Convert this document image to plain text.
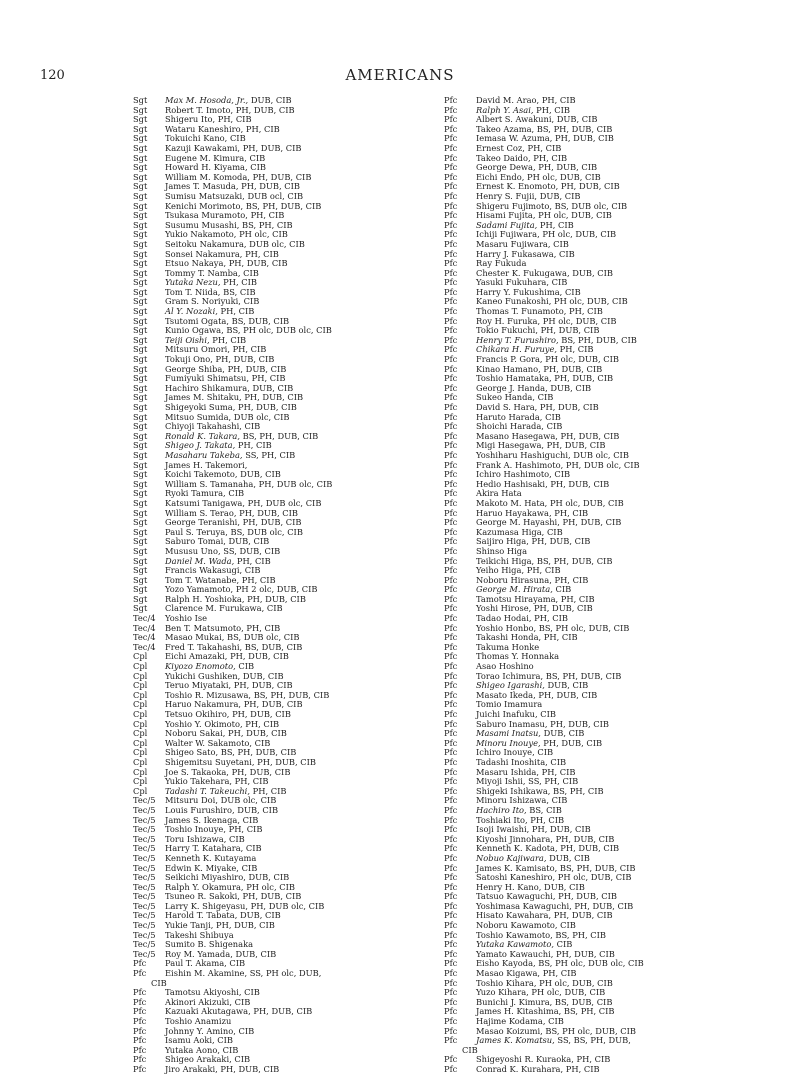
120	AMERICANS
Sgt Max M. Hosoda, Jr., DUB, CIB
Sgt Robert T. Imoto, PH, DUB, CIB
Sgt Shigeru Ito, PH, CIB
Sgt Wataru Kaneshiro, PH, CIB
Sgt Tokuichi Kano, CIB
Sgt Kazuji Kawakami, PH, DUB, CIB
Sgt Eugene M. Kimura, CIB
Sgt Howard H. Kiyama, CIB
Sgt William M. Komoda, PH, DUB, CIB
Sgt James T. Masuda, PH, DUB, CIB
Sgt Sumisu Matsuzaki, DUB ocl, CIB
Sgt Kenichi Morimoto, BS, PH, DUB, CIB
Sgt Tsukasa Muramoto, PH, CIB
Sgt Susumu Musashi, BS, PH, CIB
Sgt Yukio Nakamoto, PH olc, CIB
Sgt Seitoku Nakamura, DUB olc, CIB
Sgt Sonsei Nakamura, PH, CIB
Sgt Etsuo Nakaya, PH, DUB, CIB
Sgt Tommy T. Namba, CIB
Sgt Yutaka Nezu, PH, CIB
Sgt Tom T. Niida, BS, CIB
Sgt Gram S. Noriyuki, CIB
Sgt Al Y. Nozaki, PH, CIB
Sgt Tsutomi Ogata, BS, DUB, CIB
Sgt Kunio Ogawa, BS, PH olc, DUB olc, CIB
Sgt Teiji Oishi, PH, CIB
Sgt Mitsuru Omori, PH, CIB
Sgt Tokuji Ono, PH, DUB, CIB
Sgt George Shiba, PH, DUB, CIB
Sgt Fumiyuki Shimatsu, PH, CIB
Sgt Hachiro Shikamura, DUB, CIB
Sgt James M. Shitaku, PH, DUB, CIB
Sgt Shigeyoki Suma, PH, DUB, CIB
Sgt Mitsuo Sumida, DUB olc, CIB
Sgt Chiyoji Takahashi, CIB
Sgt Ronald K. Takara, BS, PH, DUB, CIB
Sgt Shigeo J. Takata, PH, CIB
Sgt Masaharu Takeba, SS, PH, CIB
Sgt James H. Takemori,
Sgt Koichi Takemoto, DUB, CIB
Sgt William S. Tamanaha, PH, DUB olc, CIB
Sgt Ryoki Tamura, CIB
Sgt Katsumi Tanigawa, PH, DUB olc, CIB
Sgt William S. Terao, PH, DUB, CIB
Sgt George Teranishi, PH, DUB, CIB
Sgt Paul S. Teruya, BS, DUB olc, CIB
Sgt Saburo Tomai, DUB, CIB
Sgt Mususu Uno, SS, DUB, CIB
Sgt Daniel M. Wada, PH, CIB
Sgt Francis Wakasugi, CIB
Sgt Tom T. Watanabe, PH, CIB
Sgt Yozo Yamamoto, PH 2 olc, DUB, CIB
Sgt Ralph H. Yoshioka, PH, DUB, CIB
Sgt Clarence M. Furukawa, CIB
Tec/4 Yoshio Ise
Tec/4 Ben T. Matsumoto, PH, CIB
Tec/4 Masao Mukai, BS, DUB olc, CIB
Tec/4 Fred T. Takahashi, BS, DUB, CIB
Cpl Eichi Amazaki, PH, DUB, CIB
Cpl Kiyozo Enomoto, CIB
Cpl Yukichi Gushiken, DUB, CIB
Cpl Teruo Miyataki, PH, DUB, CIB
Cpl Toshio R. Mizusawa, BS, PH, DUB, CIB
Cpl Haruo Nakamura, PH, DUB, CIB
Cpl Tetsuo Okihiro, PH, DUB, CIB
Cpl Yoshio Y. Okimoto, PH, CIB
Cpl Noboru Sakai, PH, DUB, CIB
Cpl Walter W. Sakamoto, CIB
Cpl Shigeo Sato, BS, PH, DUB, CIB
Cpl Shigemitsu Suyetani, PH, DUB, CIB
Cpl Joe S. Takaoka, PH, DUB, CIB
Cpl Yukio Takehara, PH, CIB
Cpl Tadashi T. Takeuchi, PH, CIB
Tec/5 Mitsuru Doi, DUB olc, CIB
Tec/5 Louis Furushiro, DUB, CIB
Tec/5 James S. Ikenaga, CIB
Tec/5 Toshio Inouye, PH, CIB
Tec/5 Toru Ishizawa, CIB
Tec/5 Harry T. Katahara, CIB
Tec/5 Kenneth K. Kutayama
Tec/5 Edwin K. Miyake, CIB
Tec/5 Seikichi Miyashiro, DUB, CIB
Tec/5 Ralph Y. Okamura, PH olc, CIB
Tec/5 Tsuneo R. Sakoki, PH, DUB, CIB
Tec/5 Larry K. Shigeyasu, PH, DUB olc, CIB
Tec/5 Harold T. Tabata, DUB, CIB
Tec/5 Yukie Tanji, PH, DUB, CIB
Tec/5 Takeshi Shibuya
Tec/5 Sumito B. Shigenaka
Tec/5 Roy M. Yamada, DUB, CIB
Pfc Paul T. Akama, CIB
Pfc Eishin M. Akamine, SS, PH olc, DUB,
CIB
Pfc Tamotsu Akiyoshi, CIB
Pfc Akinori Akizuki, CIB
Pfc Kazuaki Akutagawa, PH, DUB, CIB
Pfc Toshio Anamizu
Pfc Johnny Y. Amino, CIB
Pfc Isamu Aoki, CIB
Pfc Yutaka Aono, CIB
Pfc Shigeo Arakaki, CIB
Pfc Jiro Arakaki, PH, DUB, CIB
Pfc David M. Arao, PH, CIB
Pfc Ralph Y. Asai, PH, CIB
Pfc Albert S. Awakuni, DUB, CIB
Pfc Takeo Azama, BS, PH, DUB, CIB
Pfc Iemasa W. Azuma, PH, DUB, CIB
Pfc Ernest Coz, PH, CIB
Pfc Takeo Daido, PH, CIB
Pfc George Dewa, PH, DUB, CIB
Pfc Eichi Endo, PH olc, DUB, CIB
Pfc Ernest K. Enomoto, PH, DUB, CIB
Pfc Henry S. Fujii, DUB, CIB
Pfc Shigeru Fujimoto, BS, DUB olc, CIB
Pfc Hisami Fujita, PH olc, DUB, CIB
Pfc Sadami Fujita, PH, CIB
Pfc Ichiji Fujiwara, PH olc, DUB, CIB
Pfc Masaru Fujiwara, CIB
Pfc Harry J. Fukasawa, CIB
Pfc Ray Fukuda
Pfc Chester K. Fukugawa, DUB, CIB
Pfc Yasuki Fukuhara, CIB
Pfc Harry Y. Fukushima, CIB
Pfc Kaneo Funakoshi, PH olc, DUB, CIB
Pfc Thomas T. Funamoto, PH, CIB
Pfc Roy H. Furuka, PH olc, DUB, CIB
Pfc Tokio Fukuchi, PH, DUB, CIB
Pfc Henry T. Furushiro, BS, PH, DUB, CIB
Pfc Chikara H. Furuye, PH, CIB
Pfc Francis P. Gora, PH olc, DUB, CIB
Pfc Kinao Hamano, PH, DUB, CIB
Pfc Toshio Hamataka, PH, DUB, CIB
Pfc George J. Handa, DUB, CIB
Pfc Sukeo Handa, CIB
Pfc David S. Hara, PH, DUB, CIB
Pfc Haruto Harada, CIB
Pfc Shoichi Harada, CIB
Pfc Masano Hasegawa, PH, DUB, CIB
Pfc Migi Hasegawa, PH, DUB, CIB
Pfc Yoshiharu Hashiguchi, DUB olc, CIB
Pfc Frank A. Hashimoto, PH, DUB olc, CIB
Pfc Ichiro Hashimoto, CIB
Pfc Hedio Hashisaki, PH, DUB, CIB
Pfc Akira Hata
Pfc Makoto M. Hata, PH olc, DUB, CIB
Pfc Haruo Hayakawa, PH, CIB
Pfc George M. Hayashi, PH, DUB, CIB
Pfc Kazumasa Higa, CIB
Pfc Saijiro Higa, PH, DUB, CIB
Pfc Shinso Higa
Pfc Teikichi Higa, BS, PH, DUB, CIB
Pfc Yeiho Higa, PH, CIB
Pfc Noboru Hirasuna, PH, CIB
Pfc George M. Hirata, CIB
Pfc Tamotsu Hirayama, PH, CIB
Pfc Yoshi Hirose, PH, DUB, CIB
Pfc Tadao Hodai, PH, CIB
Pfc Yoshio Honbo, BS, PH olc, DUB, CIB
Pfc Takashi Honda, PH, CIB
Pfc Takuma Honke
Pfc Thomas Y. Honnaka
Pfc Asao Hoshino
Pfc Torao Ichimura, BS, PH, DUB, CIB
Pfc Shigeo Igarashi, DUB, CIB
Pfc Masato Ikeda, PH, DUB, CIB
Pfc Tomio Imamura
Pfc Juichi Inafuku, CIB
Pfc Saburo Inamasu, PH, DUB, CIB
Pfc Masami Inatsu, DUB, CIB
Pfc Minoru Inouye, PH, DUB, CIB
Pfc Ichiro Inouye, CIB
Pfc Tadashi Inoshita, CIB
Pfc Masaru Ishida, PH, CIB
Pfc Miyoji Ishii, SS, PH, CIB
Pfc Shigeki Ishikawa, BS, PH, CIB
Pfc Minoru Ishizawa, CIB
Pfc Hachiro Ito, BS, CIB
Pfc Toshiaki Ito, PH, CIB
Pfc Isoji Iwaishi, PH, DUB, CIB
Pfc Kiyoshi Jinnohara, PH, DUB, CIB
Pfc Kenneth K. Kadota, PH, DUB, CIB
Pfc Nobuo Kajiwara, DUB, CIB
Pfc James K. Kamisato, BS, PH, DUB, CIB
Pfc Satoshi Kaneshiro, PH olc, DUB, CIB
Pfc Henry H. Kano, DUB, CIB
Pfc Tatsuo Kawaguchi, PH, DUB, CIB
Pfc Yoshimasa Kawaguchi, PH, DUB, CIB
Pfc Hisato Kawahara, PH, DUB, CIB
Pfc Noboru Kawamoto, CIB
Pfc Toshio Kawamoto, BS, PH, CIB
Pfc Yutaka Kawamoto, CIB
Pfc Yamato Kawauchi, PH, DUB, CIB
Pfc Eisho Kayoda, BS, PH olc, DUB olc, CIB
Pfc Masao Kigawa, PH, CIB
Pfc Toshio Kihara, PH olc, DUB, CIB
Pfc Yuzo Kihara, PH olc, DUB, CIB
Pfc Bunichi J. Kimura, BS, DUB, CIB
Pfc James H. Kitashima, BS, PH, CIB
Pfc Hajime Kodama, CIB
Pfc Masao Koizumi, BS, PH olc, DUB, CIB
Pfc James K. Komatsu, SS, BS, PH, DUB,
CIB
Pfc Shigeyoshi R. Kuraoka, PH, CIB
Pfc Conrad K. Kurahara, PH, CIB
